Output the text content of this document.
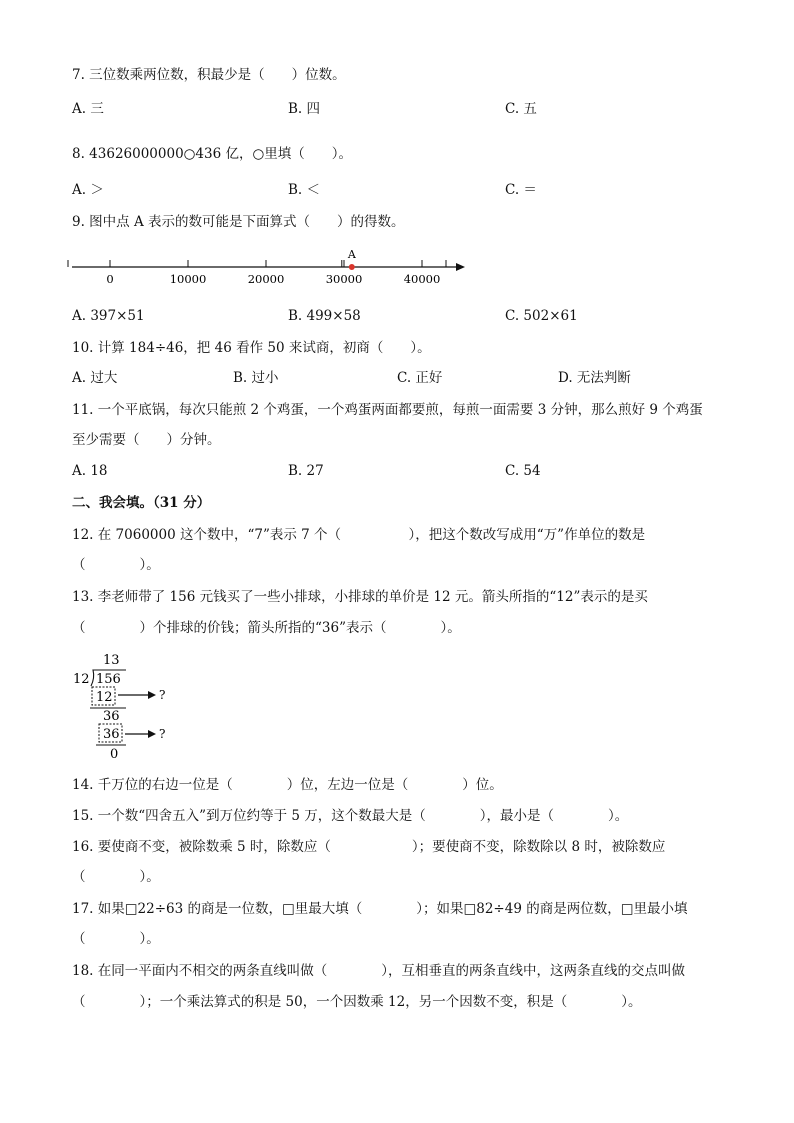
7. 三位数乘两位数，积最少是（　　）位数。
A. 三	B. 四	C. 五
8. 43626000000○436 亿，○里填（　　）。
A. ＞	B. ＜	C. ＝
9. 图中点 A 表示的数可能是下面算式（　　）的得数。
0	10000	20000	30000	40000
A
A. 397×51	B. 499×58	C. 502×61
10. 计算 184÷46，把 46 看作 50 来试商，初商（　　）。
A. 过大	B. 过小	C. 正好	D. 无法判断
11. 一个平底锅，每次只能煎 2 个鸡蛋，一个鸡蛋两面都要煎，每煎一面需要 3 分钟，那么煎好 9 个鸡蛋
至少需要（　　）分钟。
A. 18	B. 27	C. 54
二、我会填。（31 分）
12. 在 7060000 这个数中，“7”表示 7 个（　　　　　），把这个数改写成用“万”作单位的数是
（　　　　）。
13. 李老师带了 156 元钱买了一些小排球，小排球的单价是 12 元。箭头所指的“12”表示的是买
（　　　　）个排球的价钱；箭头所指的“36”表示（　　　　）。
13
12 156
12	?
36
36	?
0
14. 千万位的右边一位是（　　　　）位，左边一位是（　　　　）位。
15. 一个数“四舍五入”到万位约等于 5 万，这个数最大是（　　　　），最小是（　　　　）。
16. 要使商不变，被除数乘 5 时，除数应（　　　　　　）；要使商不变，除数除以 8 时，被除数应
（　　　　）。
17. 如果□22÷63 的商是一位数，□里最大填（　　　　）；如果□82÷49 的商是两位数，□里最小填
（　　　　）。
18. 在同一平面内不相交的两条直线叫做（　　　　），互相垂直的两条直线中，这两条直线的交点叫做
（　　　　）；一个乘法算式的积是 50，一个因数乘 12，另一个因数不变，积是（　　　　）。
